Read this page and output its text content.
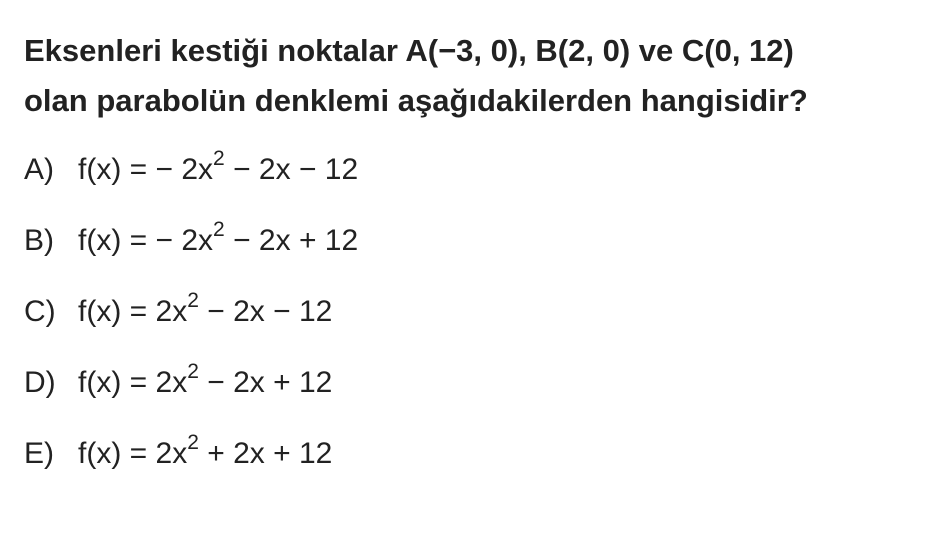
Eksenleri kestiği noktalar A(−3, 0), B(2, 0) ve C(0, 12)
olan parabolün denklemi aşağıdakilerden hangisidir?
A) f(x) = − $2x^2 - 2x - 12$
B) f(x) = − $2x^2 - 2x + 12$
C) $f(x) = 2x^2 - 2x - 12$
D) $f(x) = 2x^2 - 2x + 12$
E) $f(x) = 2x^2 + 2x + 12$
